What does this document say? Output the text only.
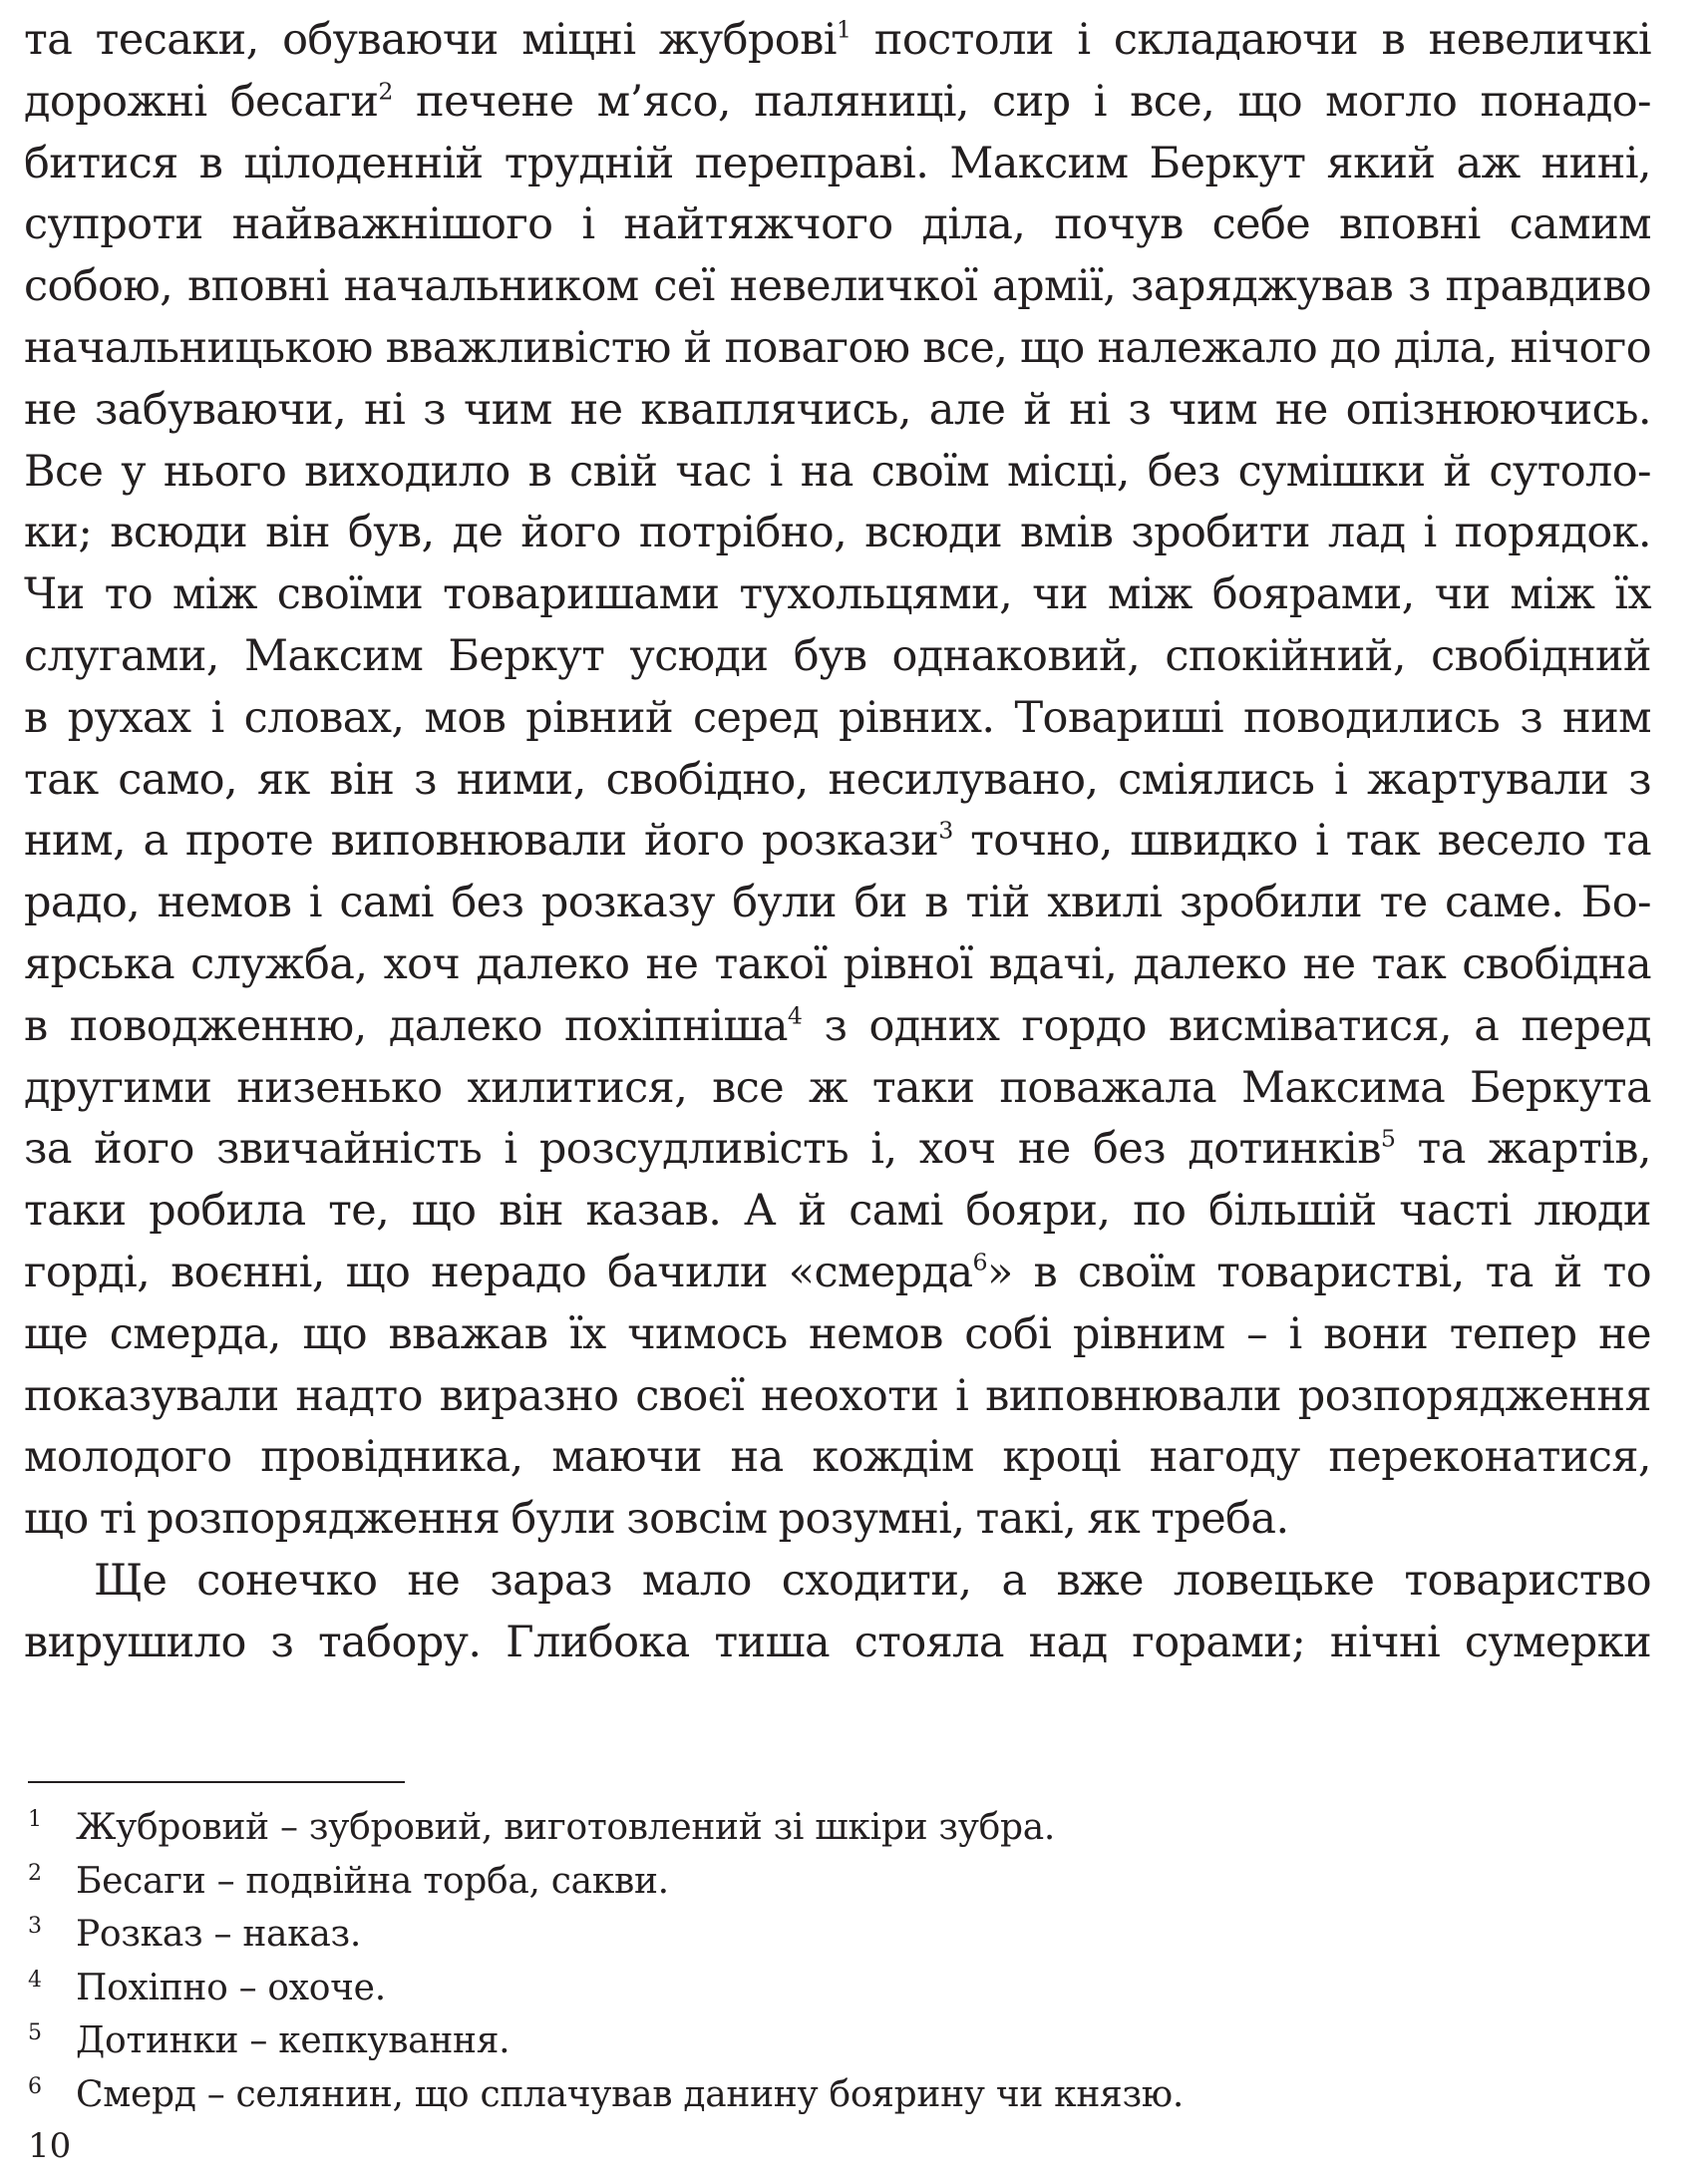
та тесаки, обуваючи міцні жуброві$^1$ постоли і складаючи в невеличкі
дорожні бесаги$^2$ печене м’ясо, паляниці, сир і все, що могло понадо-
битися в цілоденній трудній переправі. Максим Беркут який аж нині,
супроти найважнішого і найтяжчого діла, почув себе вповні самим
собою, вповні начальником сеї невеличкої армії, заряджував з правдиво
начальницькою вважливістю й повагою все, що належало до діла, нічого
не забуваючи, ні з чим не кваплячись, але й ні з чим не опізнюючись.
Все у нього виходило в свій час і на своїм місці, без сумішки й сутоло-
ки; всюди він був, де його потрібно, всюди вмів зробити лад і порядок.
Чи то між своїми товаришами тухольцями, чи між боярами, чи між їх
слугами, Максим Беркут усюди був однаковий, спокійний, свобідний
в рухах і словах, мов рівний серед рівних. Товариші поводились з ним
так само, як він з ними, свобідно, несилувано, сміялись і жартували з
ним, а проте виповнювали його розкази$^3$ точно, швидко і так весело та
радо, немов і самі без розказу були би в тій хвилі зробили те саме. Бо-
ярська служба, хоч далеко не такої рівної вдачі, далеко не так свобідна
в поводженню, далеко похіпніша$^4$ з одних гордо висміватися, а перед
другими низенько хилитися, все ж таки поважала Максима Беркута
за його звичайність і розсудливість і, хоч не без дотинків$^5$ та жартів,
таки робила те, що він казав. А й самі бояри, по більшій часті люди
горді, воєнні, що нерадо бачили «смерда$^6$» в своїм товаристві, та й то
ще смерда, що вважав їх чимось немов собі рівним – і вони тепер не
показували надто виразно своєї неохоти і виповнювали розпорядження
молодого провідника, маючи на кождім кроці нагоду переконатися,
що ті розпорядження були зовсім розумні, такі, як треба.
Ще сонечко не зараз мало сходити, а вже ловецьке товариство
вирушило з табору. Глибока тиша стояла над горами; нічні сумерки
1 Жубровий – зубровий, виготовлений зі шкіри зубра.
2 Бесаги – подвійна торба, сакви.
3 Розказ – наказ.
4 Похіпно – охоче.
5 Дотинки – кепкування.
6 Смерд – селянин, що сплачував данину боярину чи князю.
10
